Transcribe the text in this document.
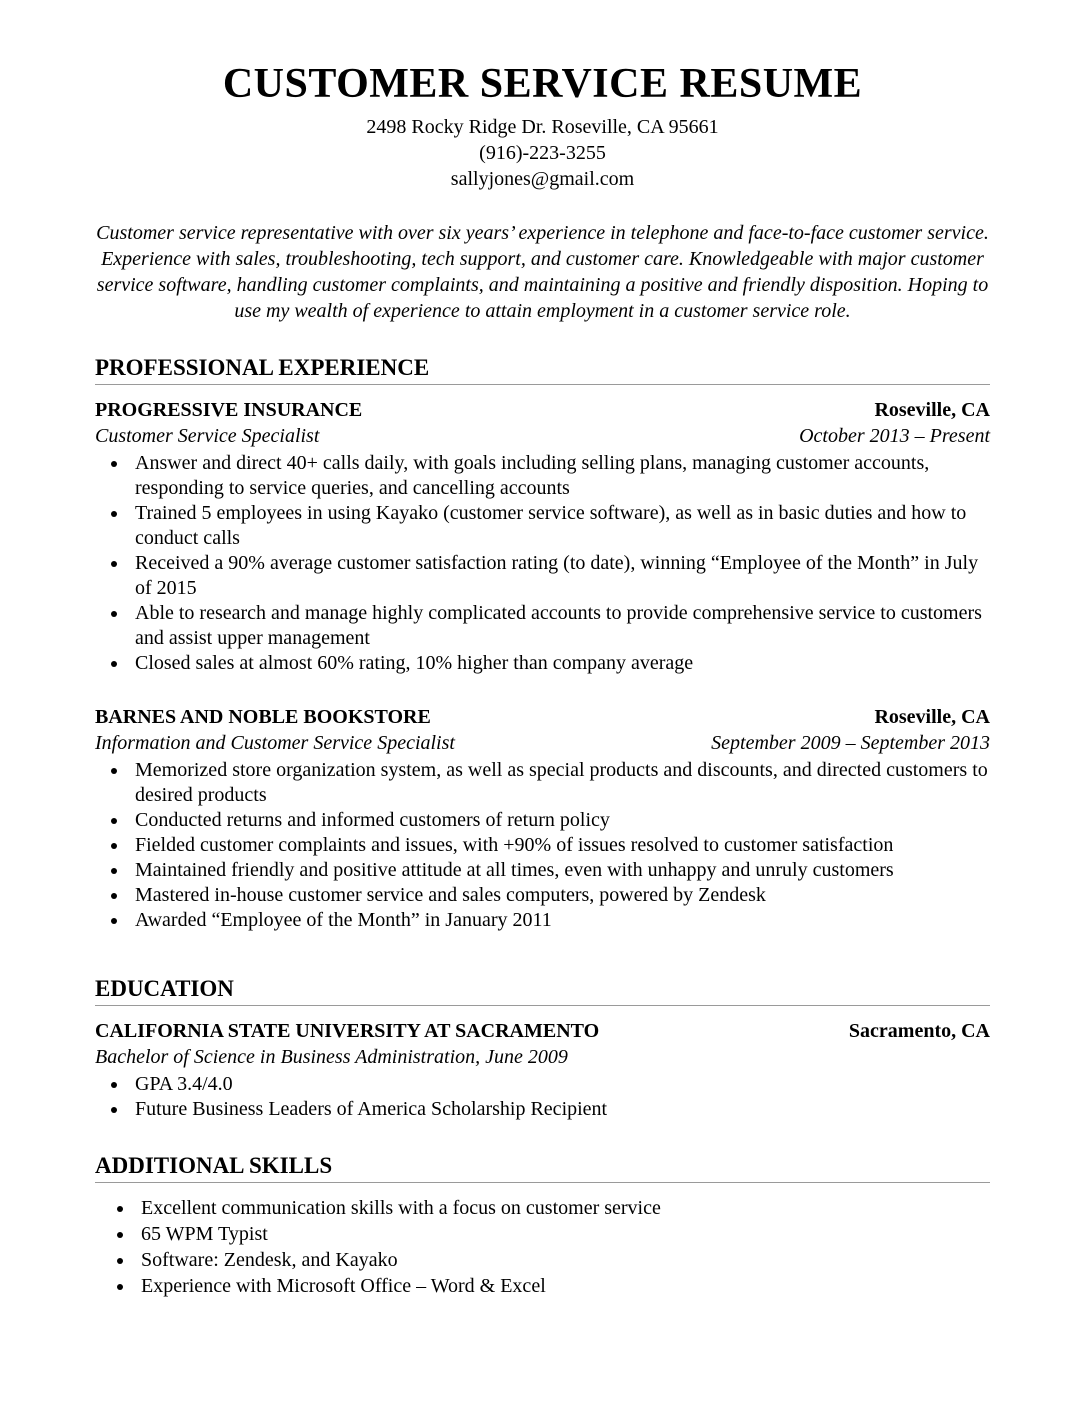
CUSTOMER SERVICE RESUME
2498 Rocky Ridge Dr. Roseville, CA 95661
(916)-223-3255
sallyjones@gmail.com

Customer service representative with over six years’ experience in telephone and face-to-face customer service. Experience with sales, troubleshooting, tech support, and customer care. Knowledgeable with major customer service software, handling customer complaints, and maintaining a positive and friendly disposition. Hoping to use my wealth of experience to attain employment in a customer service role.

PROFESSIONAL EXPERIENCE
PROGRESSIVE INSURANCE	Roseville, CA
Customer Service Specialist	October 2013 – Present
• Answer and direct 40+ calls daily, with goals including selling plans, managing customer accounts, responding to service queries, and cancelling accounts
• Trained 5 employees in using Kayako (customer service software), as well as in basic duties and how to conduct calls
• Received a 90% average customer satisfaction rating (to date), winning “Employee of the Month” in July of 2015
• Able to research and manage highly complicated accounts to provide comprehensive service to customers and assist upper management
• Closed sales at almost 60% rating, 10% higher than company average
BARNES AND NOBLE BOOKSTORE	Roseville, CA
Information and Customer Service Specialist	September 2009 – September 2013
• Memorized store organization system, as well as special products and discounts, and directed customers to desired products
• Conducted returns and informed customers of return policy
• Fielded customer complaints and issues, with +90% of issues resolved to customer satisfaction
• Maintained friendly and positive attitude at all times, even with unhappy and unruly customers
• Mastered in-house customer service and sales computers, powered by Zendesk
• Awarded “Employee of the Month” in January 2011
EDUCATION
CALIFORNIA STATE UNIVERSITY AT SACRAMENTO	Sacramento, CA
Bachelor of Science in Business Administration, June 2009
• GPA 3.4/4.0
• Future Business Leaders of America Scholarship Recipient
ADDITIONAL SKILLS
• Excellent communication skills with a focus on customer service
• 65 WPM Typist
• Software: Zendesk, and Kayako
• Experience with Microsoft Office – Word & Excel
